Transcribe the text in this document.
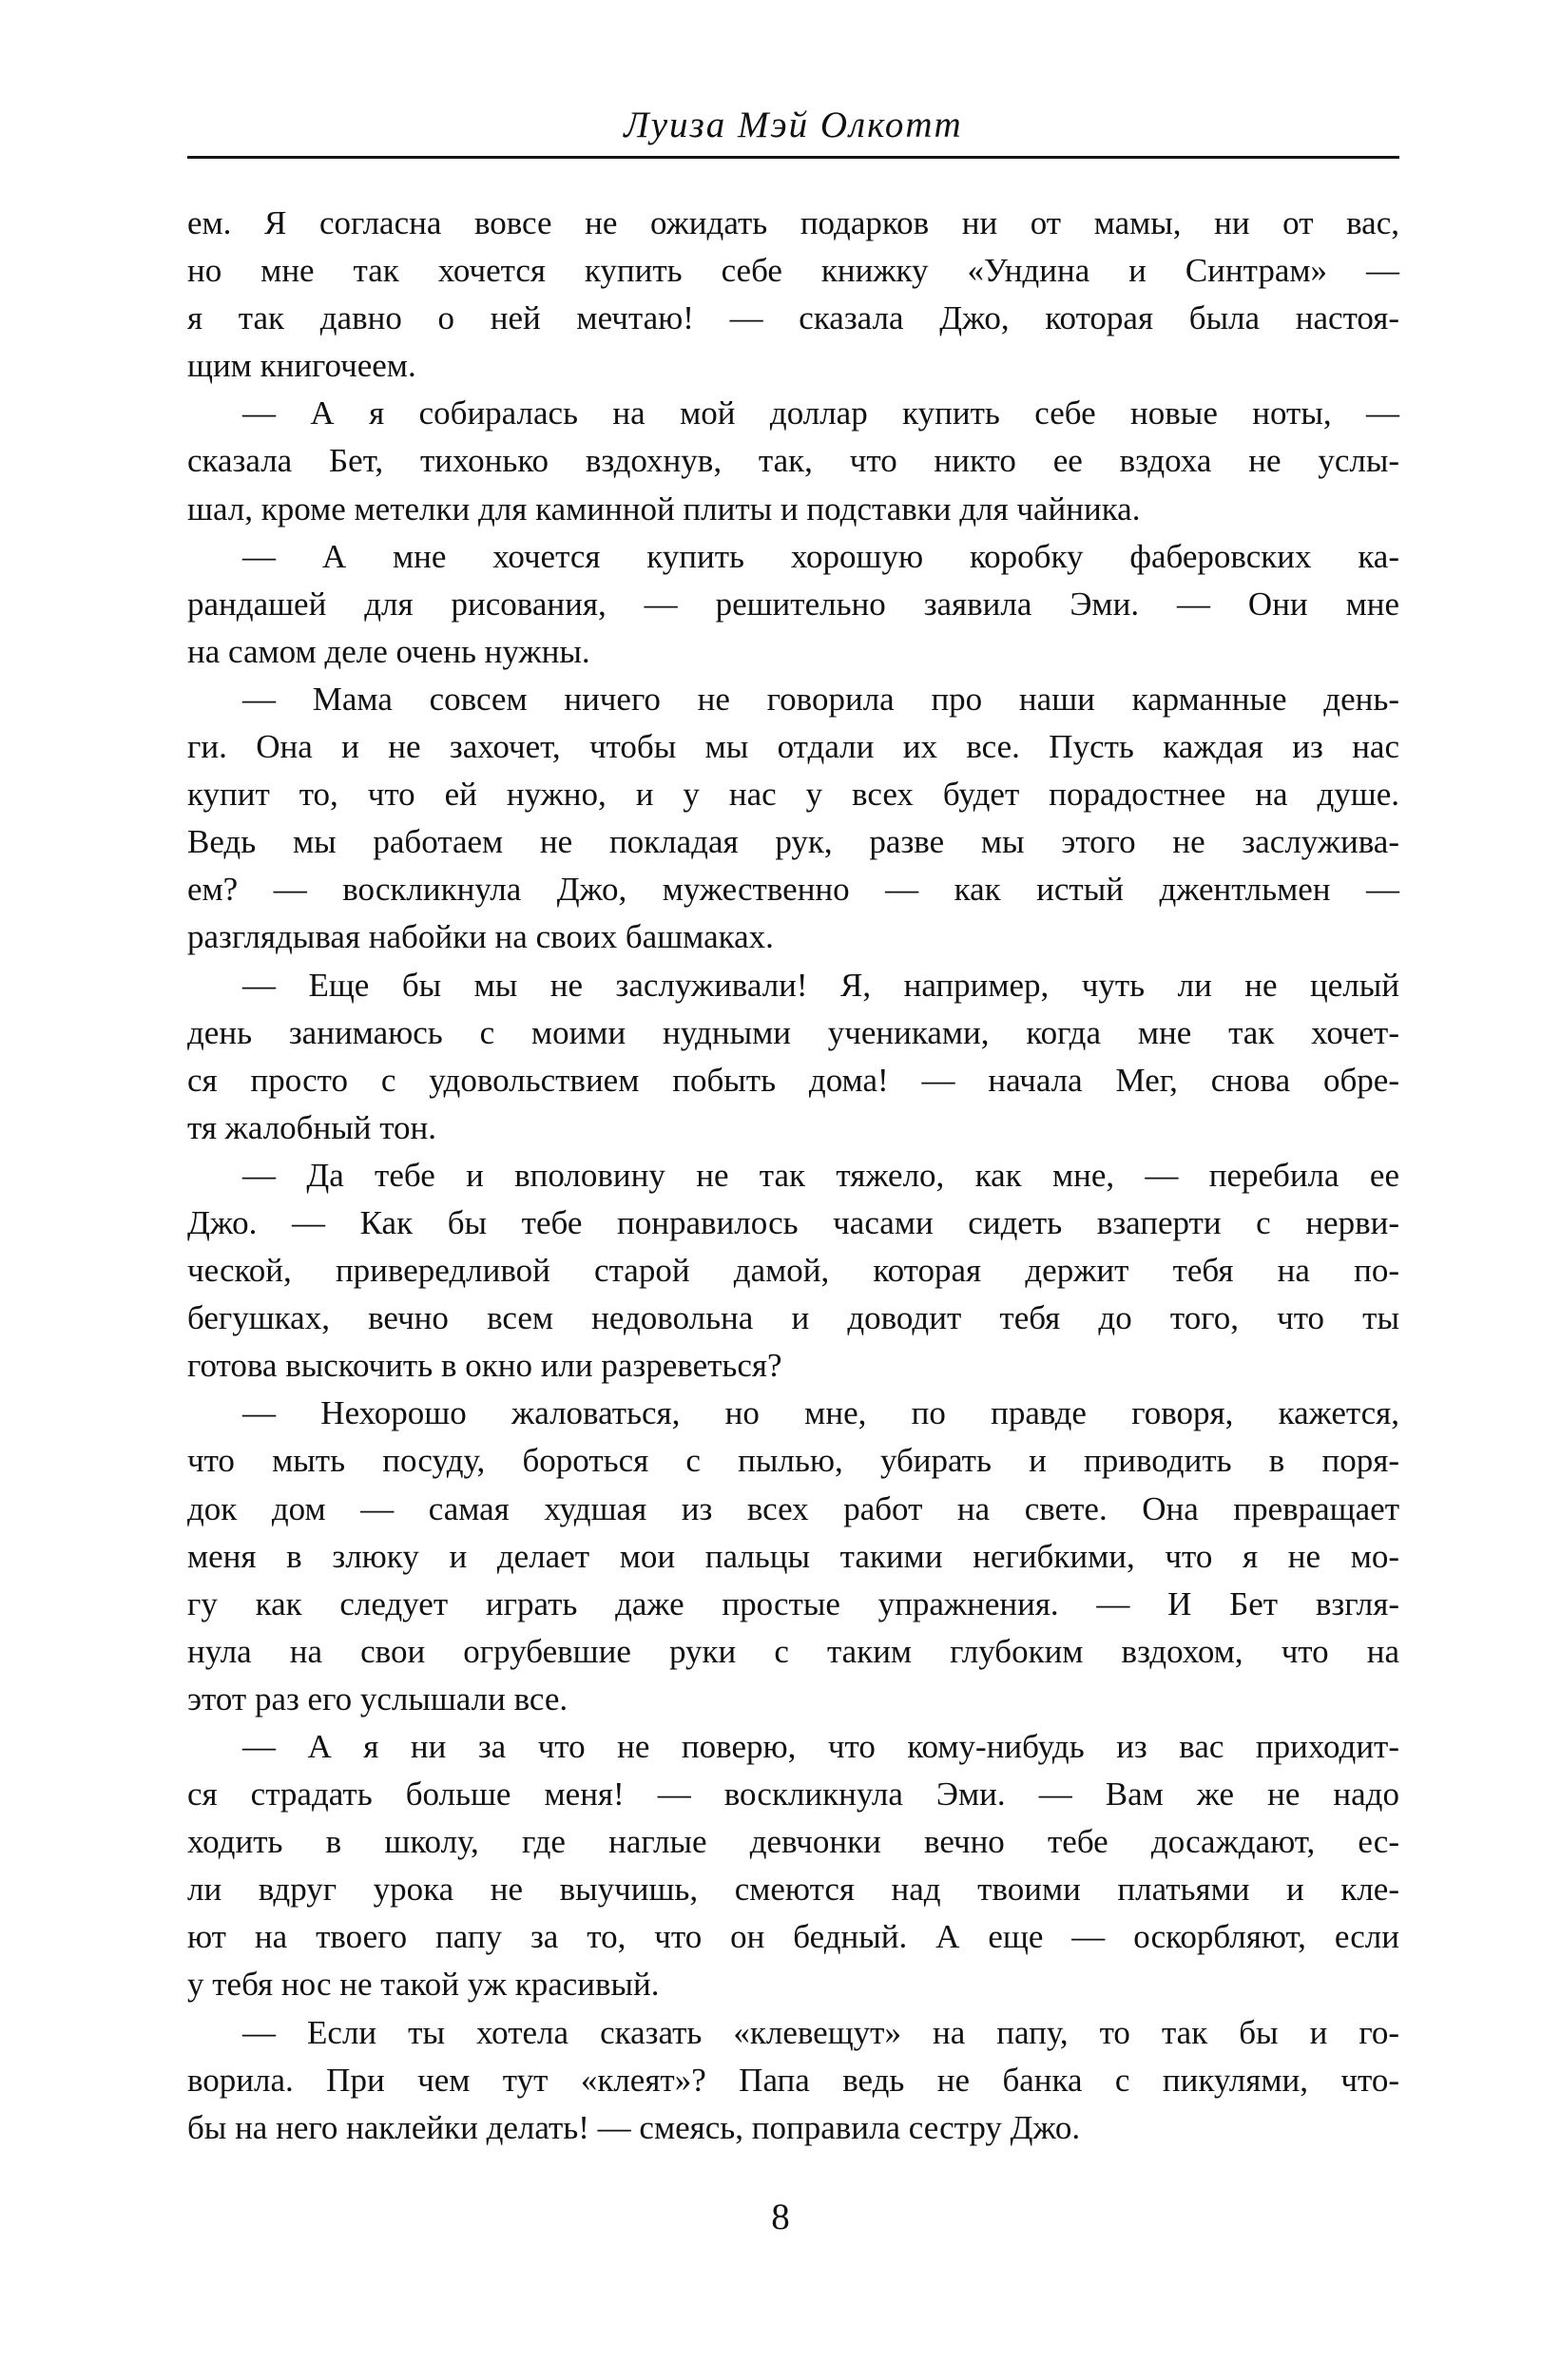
Луиза Мэй Олкотт
ем. Я согласна вовсе не ожидать подарков ни от мамы, ни от вас,
но мне так хочется купить себе книжку «Ундина и Синтрам» —
я так давно о ней мечтаю! — сказала Джо, которая была настоя-
щим книгочеем.
— А я собиралась на мой доллар купить себе новые ноты, —
сказала Бет, тихонько вздохнув, так, что никто ее вздоха не услы-
шал, кроме метелки для каминной плиты и подставки для чайника.
— А мне хочется купить хорошую коробку фаберовских ка-
рандашей для рисования, — решительно заявила Эми. — Они мне
на самом деле очень нужны.
— Мама совсем ничего не говорила про наши карманные день-
ги. Она и не захочет, чтобы мы отдали их все. Пусть каждая из нас
купит то, что ей нужно, и у нас у всех будет порадостнее на душе.
Ведь мы работаем не покладая рук, разве мы этого не заслужива-
ем? — воскликнула Джо, мужественно — как истый джентльмен —
разглядывая набойки на своих башмаках.
— Еще бы мы не заслуживали! Я, например, чуть ли не целый
день занимаюсь с моими нудными учениками, когда мне так хочет-
ся просто с удовольствием побыть дома! — начала Мег, снова обре-
тя жалобный тон.
— Да тебе и вполовину не так тяжело, как мне, — перебила ее
Джо. — Как бы тебе понравилось часами сидеть взаперти с нерви-
ческой, привередливой старой дамой, которая держит тебя на по-
бегушках, вечно всем недовольна и доводит тебя до того, что ты
готова выскочить в окно или разреветься?
— Нехорошо жаловаться, но мне, по правде говоря, кажется,
что мыть посуду, бороться с пылью, убирать и приводить в поря-
док дом — самая худшая из всех работ на свете. Она превращает
меня в злюку и делает мои пальцы такими негибкими, что я не мо-
гу как следует играть даже простые упражнения. — И Бет взгля-
нула на свои огрубевшие руки с таким глубоким вздохом, что на
этот раз его услышали все.
— А я ни за что не поверю, что кому-нибудь из вас приходит-
ся страдать больше меня! — воскликнула Эми. — Вам же не надо
ходить в школу, где наглые девчонки вечно тебе досаждают, ес-
ли вдруг урока не выучишь, смеются над твоими платьями и кле-
ют на твоего папу за то, что он бедный. А еще — оскорбляют, если
у тебя нос не такой уж красивый.
— Если ты хотела сказать «клевещут» на папу, то так бы и го-
ворила. При чем тут «клеят»? Папа ведь не банка с пикулями, что-
бы на него наклейки делать! — смеясь, поправила сестру Джо.
8
